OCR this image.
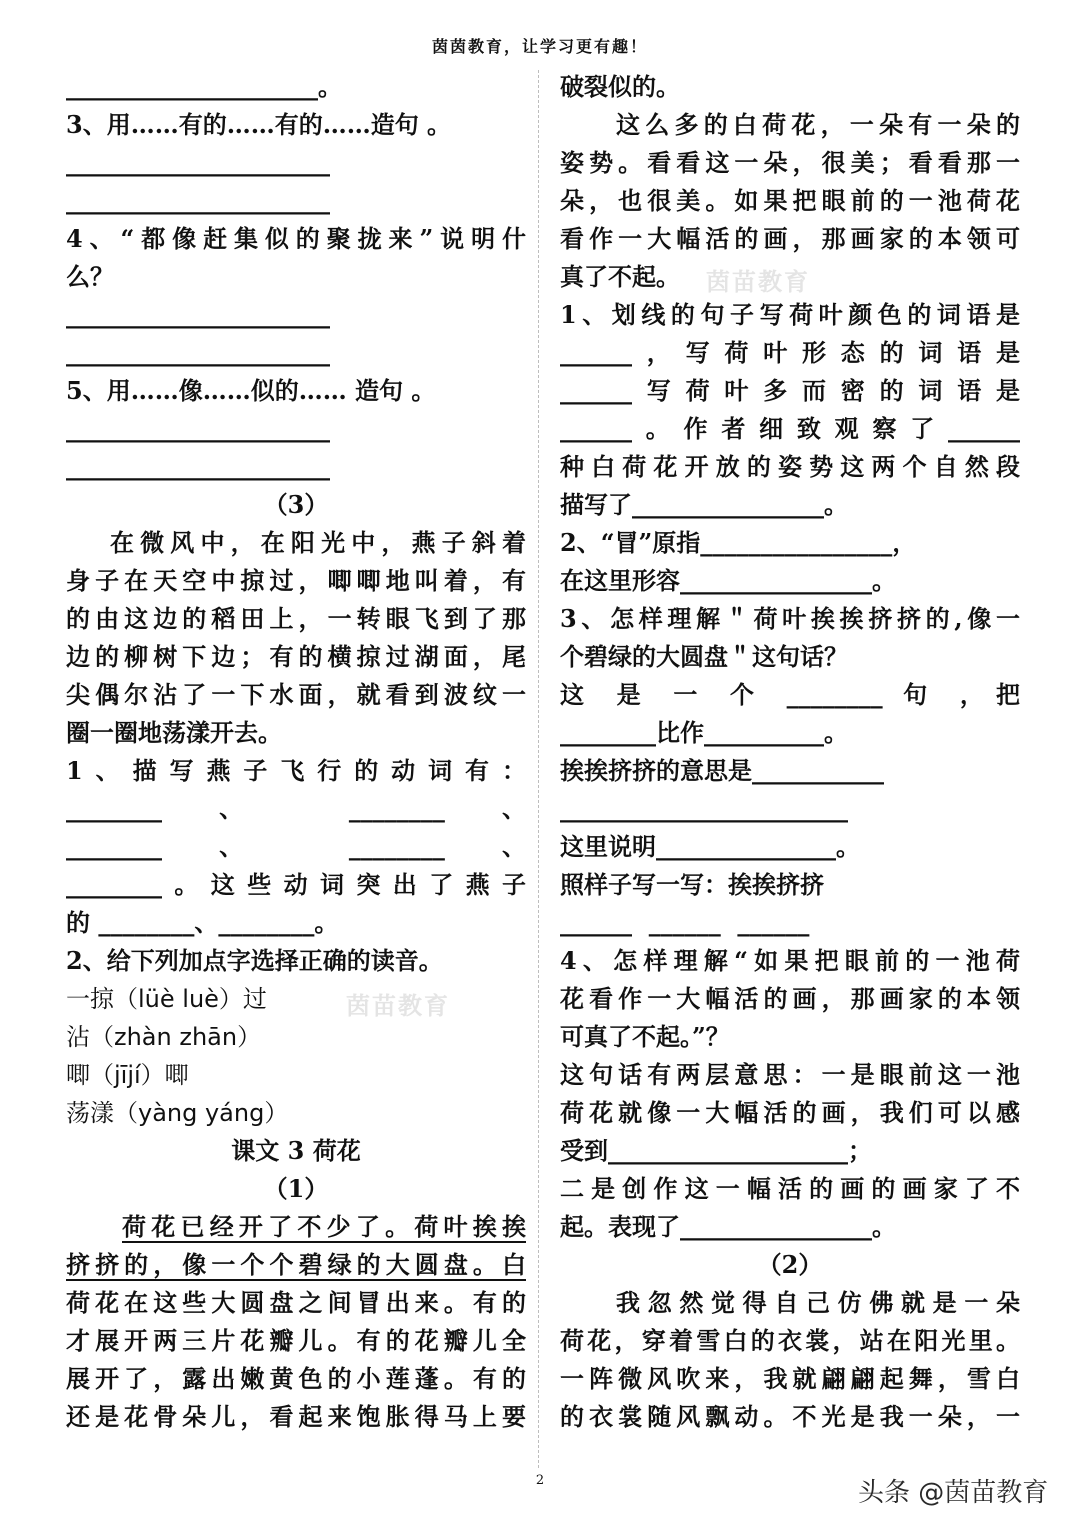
茵茵教育，让学习更有趣！
_____________________。
3、用……有的……有的……造句 。
______________________
______________________
4、“都像赶集似的聚拢来”说明什
么？
______________________
______________________
5、用……像……似的…… 造句 。
______________________
______________________
（3）
在微风中，在阳光中，燕子斜着
身子在天空中掠过，唧唧地叫着，有
的由这边的稻田上，一转眼飞到了那
边的柳树下边；有的横掠过湖面，尾
尖偶尔沾了一下水面，就看到波纹一
圈一圈地荡漾开去。
1、描写燕子飞行的动词有：
________ 、 ________ 、
________ 、 ________ 、
________。这些动词突出了燕子
的 ________、________。
2、给下列加点字选择正确的读音。
一掠（lüè luè）过
沾（zhàn zhān）
唧（jījí）唧
荡漾（yàng yáng）
课文 3 荷花
（1）
荷花已经开了不少了。荷叶挨挨
挤挤的，像一个个碧绿的大圆盘。白
荷花在这些大圆盘之间冒出来。有的
才展开两三片花瓣儿。有的花瓣儿全
展开了，露出嫩黄色的小莲蓬。有的
还是花骨朵儿，看起来饱胀得马上要
破裂似的。
这么多的白荷花，一朵有一朵的
姿势。看看这一朵，很美；看看那一
朵，也很美。如果把眼前的一池荷花
看作一大幅活的画，那画家的本领可
真了不起。
1、划线的句子写荷叶颜色的词语是
______，写荷叶形态的词语是
______写荷叶多而密的词语是
______。作者细致观察了______
种白荷花开放的姿势这两个自然段
描写了________________。
2、“冒”原指________________，
在这里形容________________。
3、怎样理解＂荷叶挨挨挤挤的,像一
个碧绿的大圆盘＂这句话？
这 是 一 个 ________ 句 ，把
________比作__________。
挨挨挤挤的意思是___________
________________________
这里说明_______________。
照样子写一写：挨挨挤挤
______  ______  ______
4、怎样理解“如果把眼前的一池荷
花看作一大幅活的画，那画家的本领
可真了不起。”？
这句话有两层意思：一是眼前这一池
荷花就像一大幅活的画，我们可以感
受到____________________；
二是创作这一幅活的画的画家了不
起。表现了________________。
（2）
我忽然觉得自己仿佛就是一朵
荷花，穿着雪白的衣裳，站在阳光里。
一阵微风吹来，我就翩翩起舞，雪白
的衣裳随风飘动。不光是我一朵，一
茵苗教育
茵苗教育
2	头条 @茵苗教育
